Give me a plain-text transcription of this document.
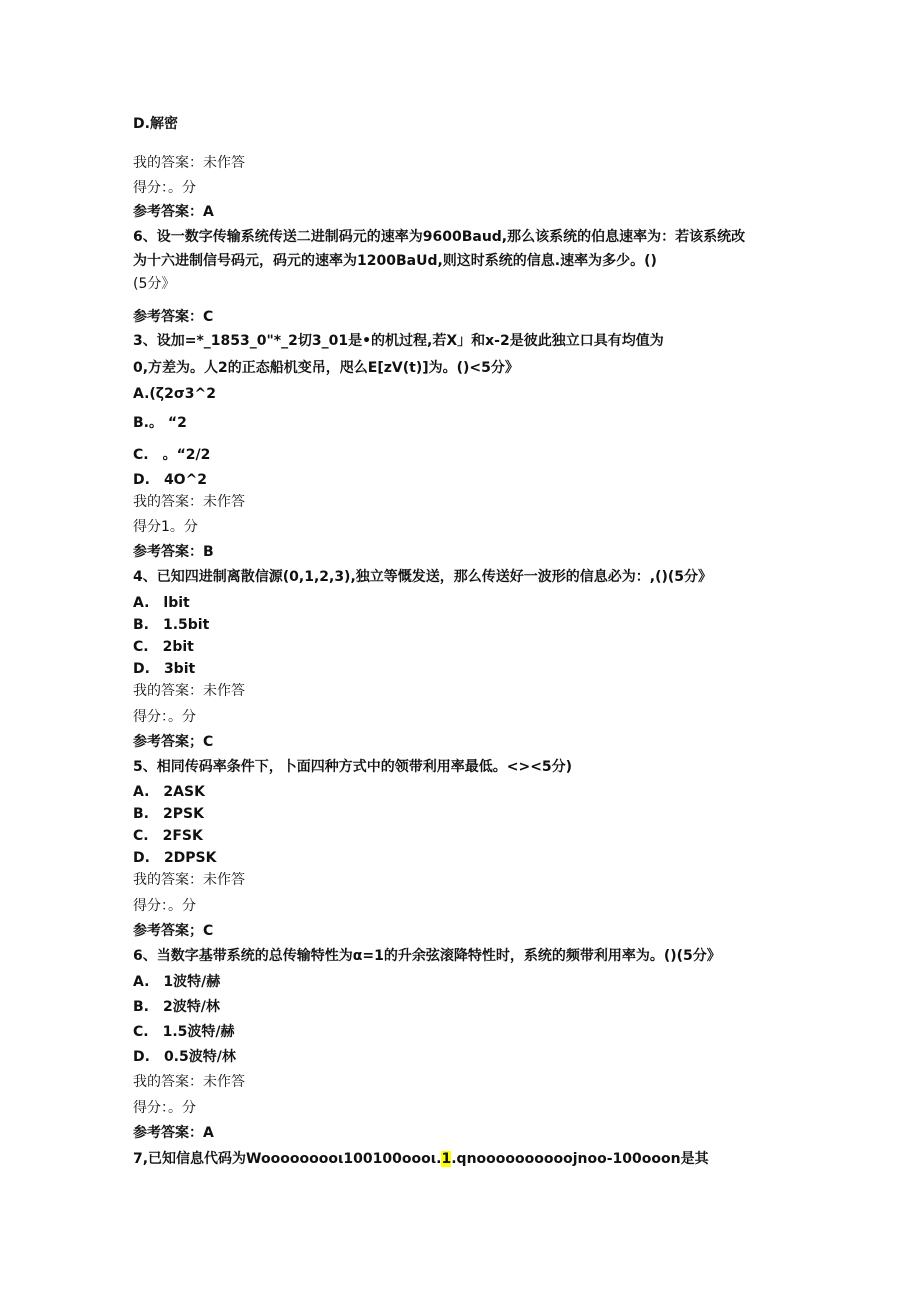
D.解密
我的答案：未作答
得分：。分
参考答案：A
6、设一数字传输系统传送二进制码元的速率为9600Baud,那么该系统的伯息速率为：若该系统改
为十六进制信号码元，码元的速率为1200BaUd,则这时系统的信息.速率为多少。()
(5分》
参考答案：C
3、设加=*_1853_0"*_2切3_01是•的机过程,若X」和x-2是彼此独立口具有均值为
0,方差为。人2的正态船机变吊，咫么E[zV(t)]为。()<5分》
A.(ζ2σ3^2
B.。 “2
C.　。“2/2
D.　4O^2
我的答案：未作答
得分1。分
参考答案：B
4、已知四进制离散信源(0,1,2,3),独立等慨发送，那么传送好一波形的信息必为：,()(5分》
A.　lbit
B.　1.5bit
C.　2bit
D.　3bit
我的答案：未作答
得分：。分
参考答案；C
5、相同传码率条件下，卜面四种方式中的领带利用率最低。<><5分)
A.　2ASK
B.　2PSK
C.　2FSK
D.　2DPSK
我的答案：未作答
得分：。分
参考答案；C
6、当数字基带系统的总传输特性为α=1的升余弦滚降特性时，系统的频带利用率为。()(5分》
A.　1波特/赫
B.　2波特/林
C.　1.5波特/赫
D.　0.5波特/林
我的答案：未作答
得分：。分
参考答案：A
7,已知信息代码为Wooooooooι100100oooι.1.qnoooooooooojnoo-100ooon是其
